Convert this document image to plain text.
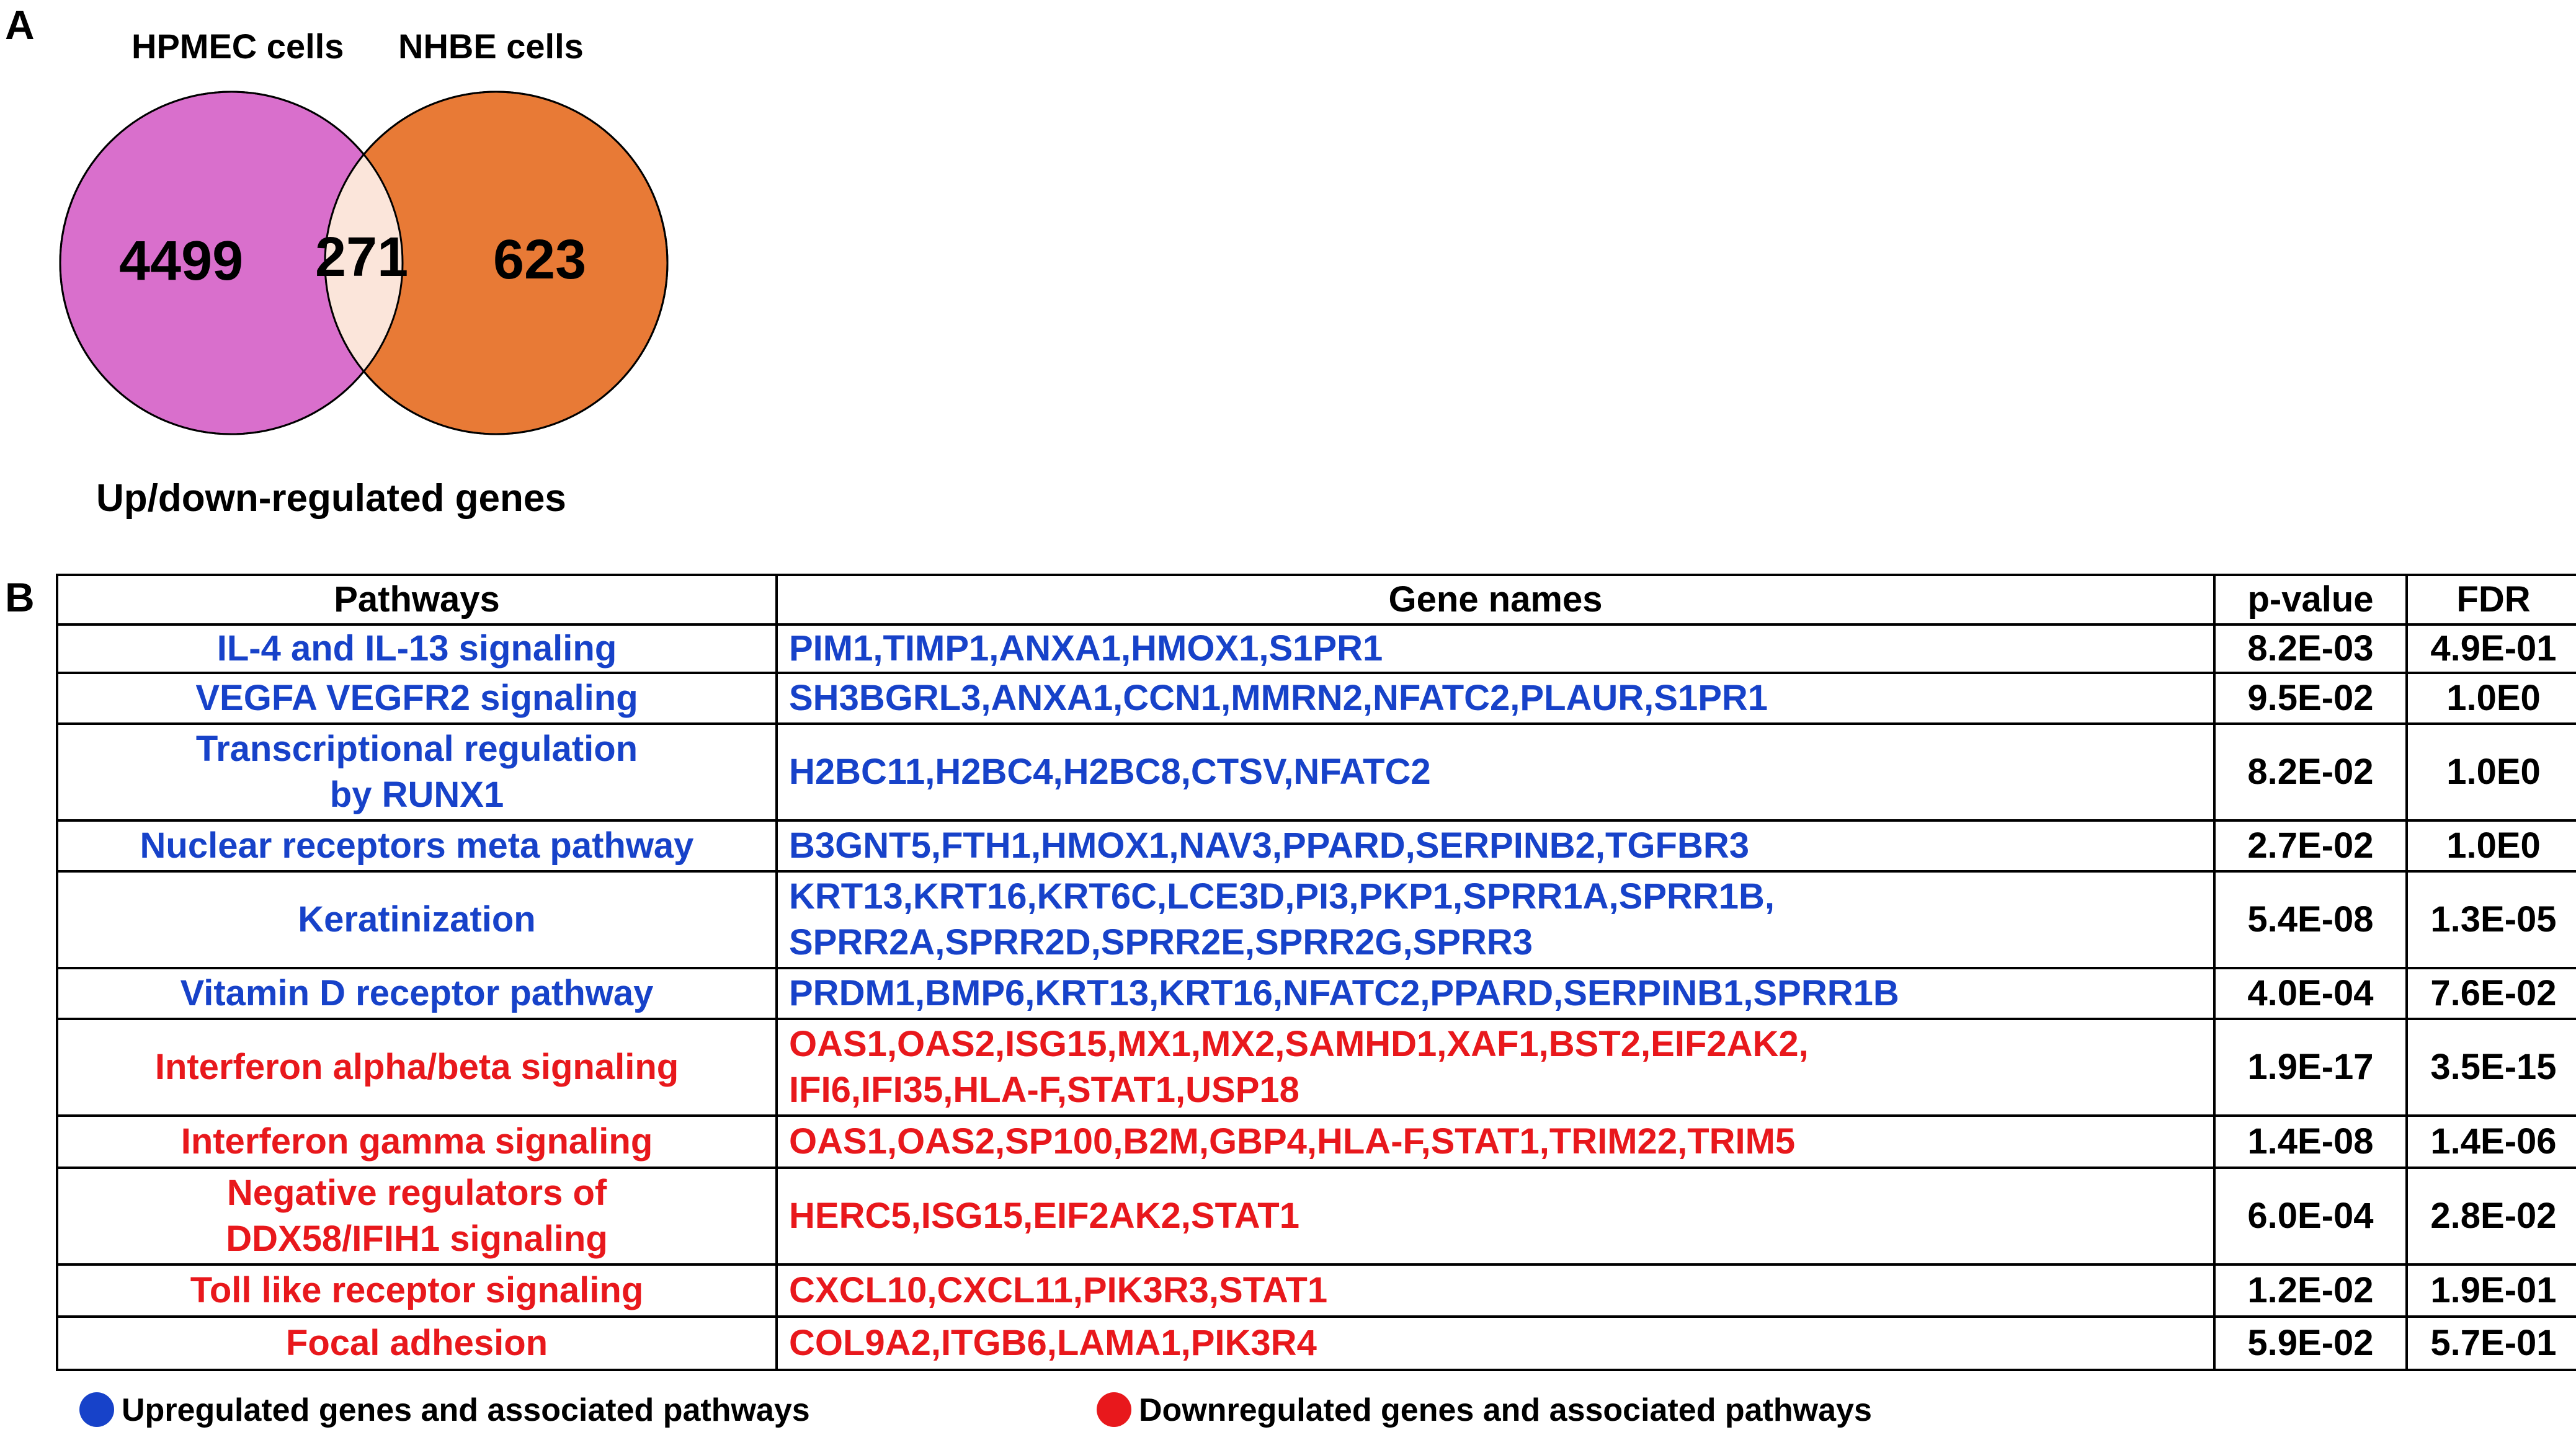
A	HPMEC cells NHBE cells
4499 271 623
Up/down-regulated genes
B	Pathways	Gene names	p-value	FDR
IL-4 and IL-13 signaling	PIM1,TIMP1,ANXA1,HMOX1,S1PR1	8.2E-03	4.9E-01
VEGFA VEGFR2 signaling	SH3BGRL3,ANXA1,CCN1,MMRN2,NFATC2,PLAUR,S1PR1	9.5E-02	1.0E0
Transcriptional regulation
by RUNX1	H2BC11,H2BC4,H2BC8,CTSV,NFATC2	8.2E-02	1.0E0
Nuclear receptors meta pathway	B3GNT5,FTH1,HMOX1,NAV3,PPARD,SERPINB2,TGFBR3	2.7E-02	1.0E0
Keratinization	KRT13,KRT16,KRT6C,LCE3D,PI3,PKP1,SPRR1A,SPRR1B,
SPRR2A,SPRR2D,SPRR2E,SPRR2G,SPRR3	5.4E-08	1.3E-05
Vitamin D receptor pathway	PRDM1,BMP6,KRT13,KRT16,NFATC2,PPARD,SERPINB1,SPRR1B	4.0E-04	7.6E-02
Interferon alpha/beta signaling	OAS1,OAS2,ISG15,MX1,MX2,SAMHD1,XAF1,BST2,EIF2AK2,
IFI6,IFI35,HLA-F,STAT1,USP18	1.9E-17	3.5E-15
Interferon gamma signaling	OAS1,OAS2,SP100,B2M,GBP4,HLA-F,STAT1,TRIM22,TRIM5	1.4E-08	1.4E-06
Negative regulators of
DDX58/IFIH1 signaling	HERC5,ISG15,EIF2AK2,STAT1	6.0E-04	2.8E-02
Toll like receptor signaling	CXCL10,CXCL11,PIK3R3,STAT1	1.2E-02	1.9E-01
Focal adhesion	COL9A2,ITGB6,LAMA1,PIK3R4	5.9E-02	5.7E-01
Upregulated genes and associated pathways	Downregulated genes and associated pathways
